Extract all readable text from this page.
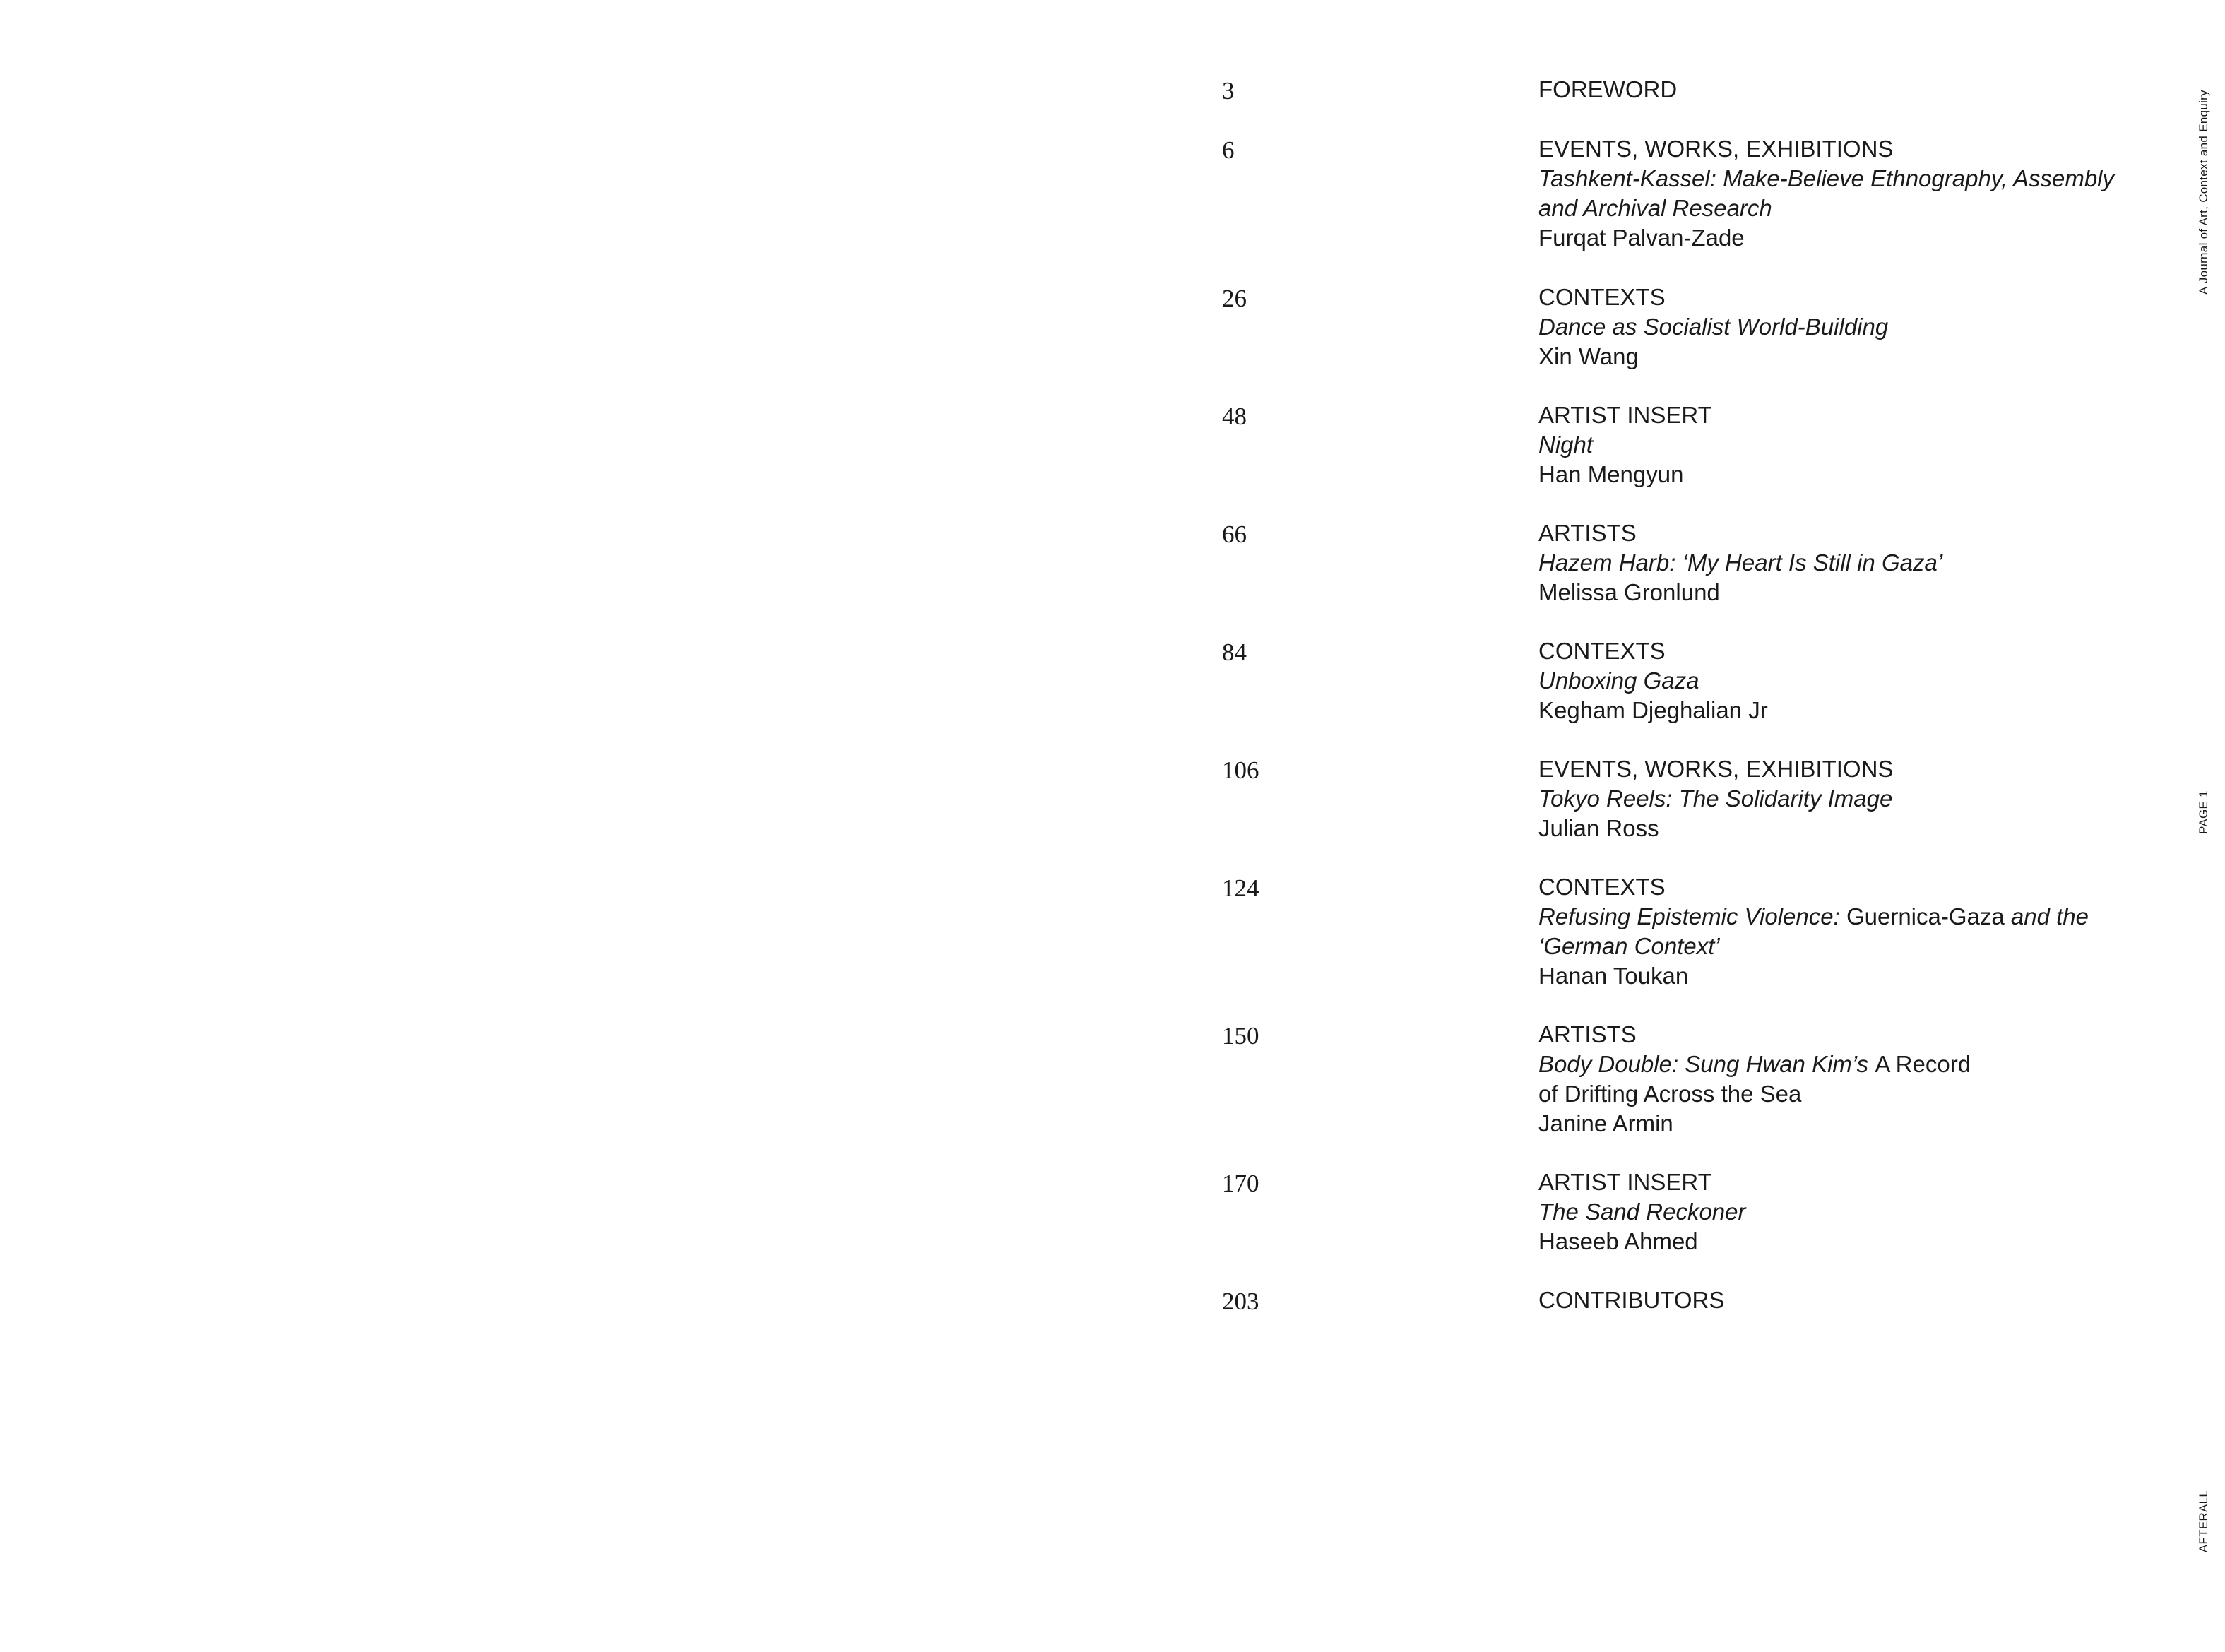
3	FOREWORD
6	EVENTS, WORKS, EXHIBITIONS
Tashkent-Kassel: Make-Believe Ethnography, Assembly
and Archival Research
Furqat Palvan-Zade
26	CONTEXTS
Dance as Socialist World-Building
Xin Wang
48	ARTIST INSERT
Night
Han Mengyun
66	ARTISTS
Hazem Harb: ‘My Heart Is Still in Gaza’
Melissa Gronlund
84	CONTEXTS
Unboxing Gaza
Kegham Djeghalian Jr
106	EVENTS, WORKS, EXHIBITIONS
Tokyo Reels: The Solidarity Image
Julian Ross
124	CONTEXTS
Refusing Epistemic Violence: Guernica-Gaza and the
‘German Context’
Hanan Toukan
150	ARTISTS
Body Double: Sung Hwan Kim’s A Record
of Drifting Across the Sea
Janine Armin
170	ARTIST INSERT
The Sand Reckoner
Haseeb Ahmed
203	CONTRIBUTORS
A Journal of Art, Context and Enquiry
PAGE 1
AFTERALL
